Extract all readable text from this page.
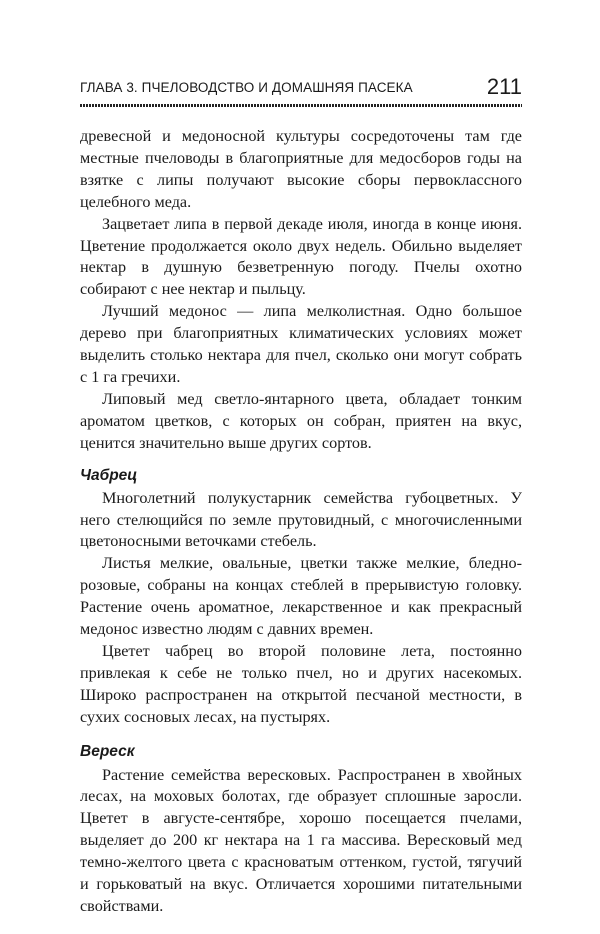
ГЛАВА 3. ПЧЕЛОВОДСТВО И ДОМАШНЯЯ ПАСЕКА	211

древесной и медоносной культуры сосредоточены там где местные пчеловоды в благоприятные для медосборов годы на взятке с липы получают высокие сборы первоклассного целебного меда.

Зацветает липа в первой декаде июля, иногда в конце июня. Цветение продолжается около двух недель. Обильно выделяет нектар в душную безветренную погоду. Пчелы охотно собирают с нее нектар и пыльцу.

Лучший медонос — липа мелколистная. Одно большое дерево при благоприятных климатических условиях может выделить столько нектара для пчел, сколько они могут собрать с 1 га гречихи.

Липовый мед светло-янтарного цвета, обладает тонким ароматом цветков, с которых он собран, приятен на вкус, ценится значительно выше других сортов.

Чабрец

Многолетний полукустарник семейства губоцветных. У него стелющийся по земле прутовидный, с многочисленными цветоносными веточками стебель.

Листья мелкие, овальные, цветки также мелкие, бледно-розовые, собраны на концах стеблей в прерывистую головку. Растение очень ароматное, лекарственное и как прекрасный медонос известно людям с давних времен.

Цветет чабрец во второй половине лета, постоянно привлекая к себе не только пчел, но и других насекомых. Широко распространен на открытой песчаной местности, в сухих сосновых лесах, на пустырях.

Вереск

Растение семейства вересковых. Распространен в хвойных лесах, на моховых болотах, где образует сплошные заросли. Цветет в августе-сентябре, хорошо посещается пчелами, выделяет до 200 кг нектара на 1 га массива. Вересковый мед темно-желтого цвета с красноватым оттенком, густой, тягучий и горьковатый на вкус. Отличается хорошими питательными свойствами.
